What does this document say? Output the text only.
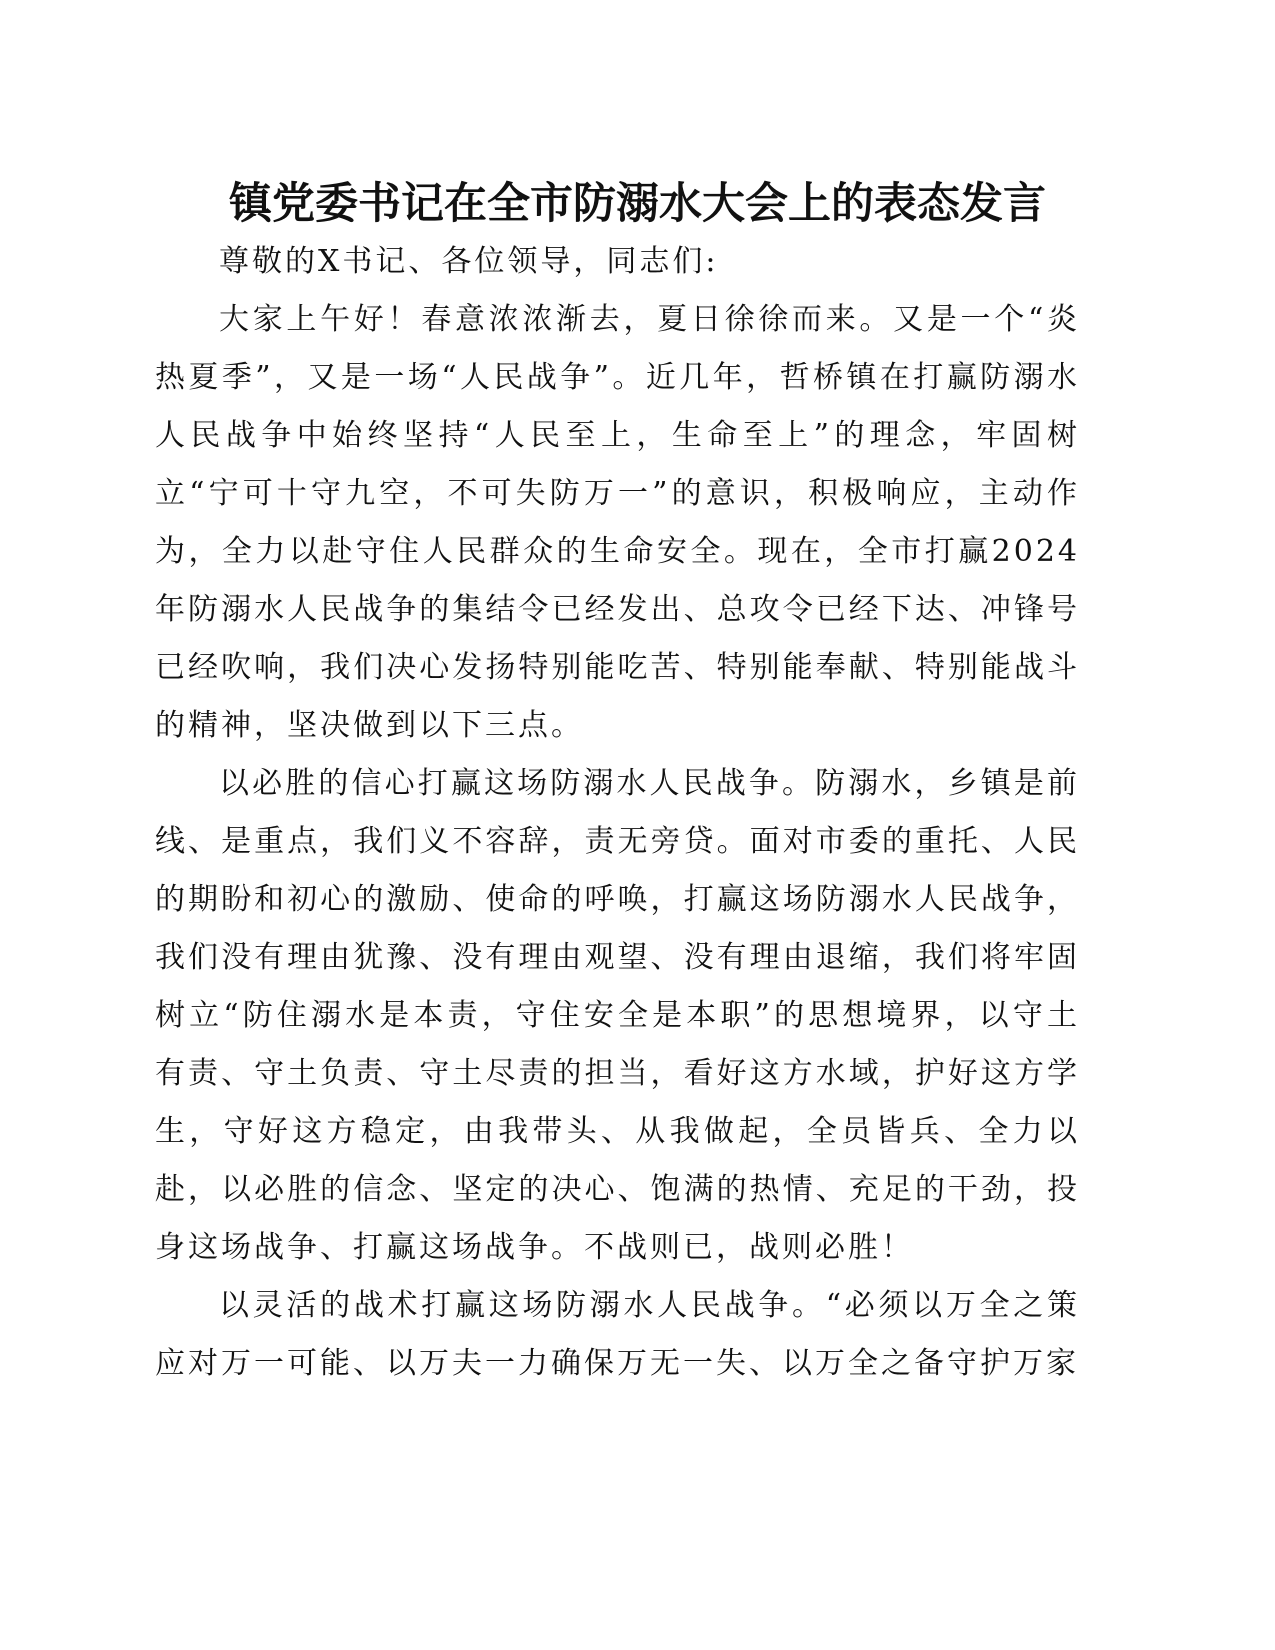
镇党委书记在全市防溺水大会上的表态发言

尊敬的X书记、各位领导，同志们:

大家上午好！春意浓浓渐去，夏日徐徐而来。又是一个“炎热夏季”，又是一场“人民战争”。近几年，哲桥镇在打赢防溺水人民战争中始终坚持“人民至上，生命至上”的理念，牢固树立“宁可十守九空，不可失防万一”的意识，积极响应，主动作为，全力以赴守住人民群众的生命安全。现在，全市打赢2024年防溺水人民战争的集结令已经发出、总攻令已经下达、冲锋号已经吹响，我们决心发扬特别能吃苦、特别能奉献、特别能战斗的精神，坚决做到以下三点。

以必胜的信心打赢这场防溺水人民战争。防溺水，乡镇是前线、是重点，我们义不容辞，责无旁贷。面对市委的重托、人民的期盼和初心的激励、使命的呼唤，打赢这场防溺水人民战争，我们没有理由犹豫、没有理由观望、没有理由退缩，我们将牢固树立“防住溺水是本责，守住安全是本职”的思想境界，以守土有责、守土负责、守土尽责的担当，看好这方水域，护好这方学生，守好这方稳定，由我带头、从我做起，全员皆兵、全力以赴，以必胜的信念、坚定的决心、饱满的热情、充足的干劲，投身这场战争、打赢这场战争。不战则已，战则必胜！

以灵活的战术打赢这场防溺水人民战争。“必须以万全之策应对万一可能、以万夫一力确保万无一失、以万全之备守护万家
